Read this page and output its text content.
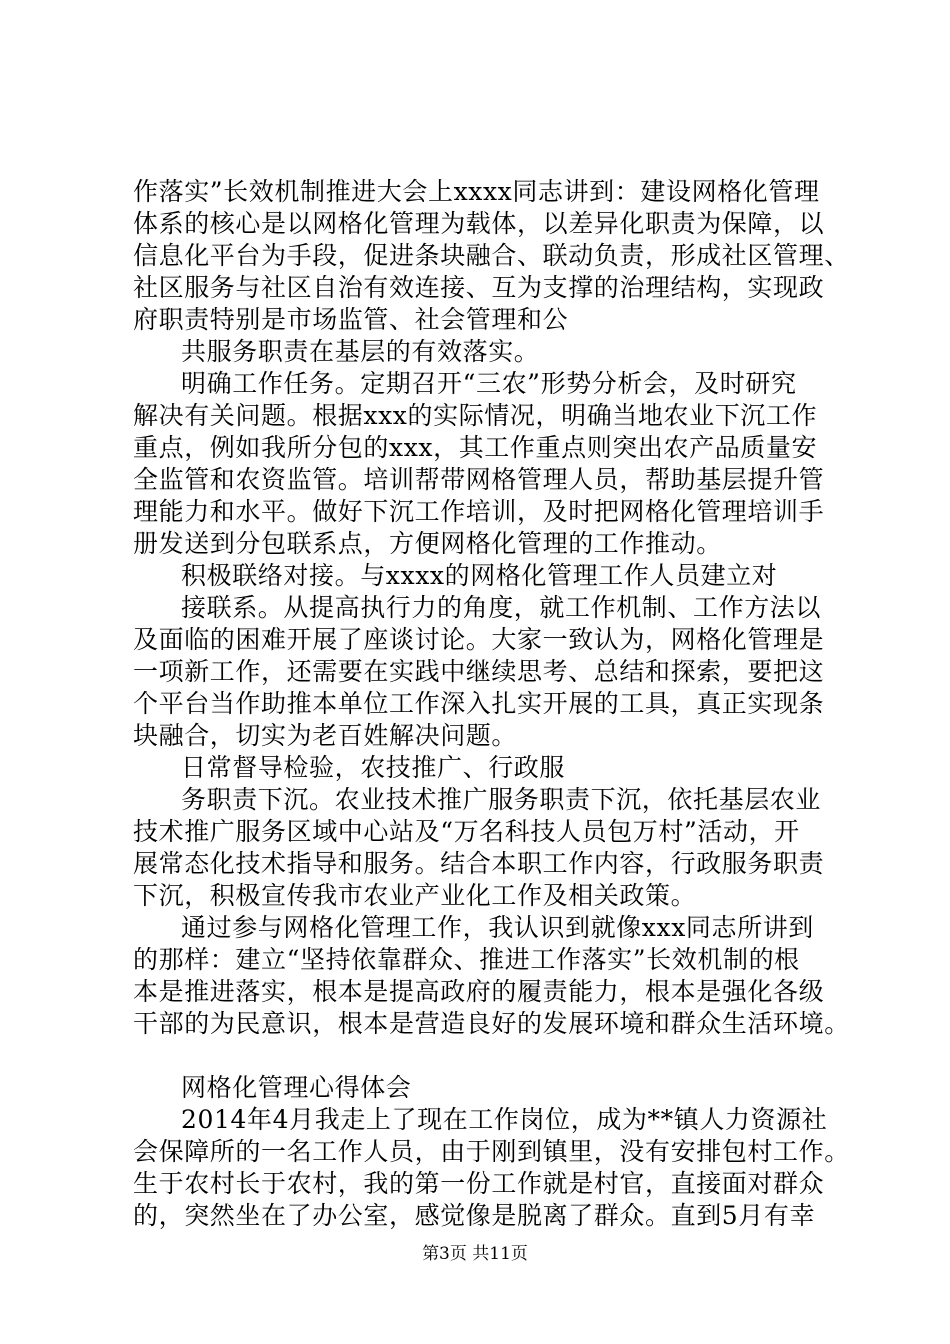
作落实”长效机制推进大会上xxxx同志讲到：建设网格化管理
体系的核心是以网格化管理为载体，以差异化职责为保障，以
信息化平台为手段，促进条块融合、联动负责，形成社区管理、
社区服务与社区自治有效连接、互为支撑的治理结构，实现政
府职责特别是市场监管、社会管理和公
共服务职责在基层的有效落实。
明确工作任务。定期召开“三农”形势分析会，及时研究
解决有关问题。根据xxx的实际情况，明确当地农业下沉工作
重点，例如我所分包的xxx，其工作重点则突出农产品质量安
全监管和农资监管。培训帮带网格管理人员，帮助基层提升管
理能力和水平。做好下沉工作培训，及时把网格化管理培训手
册发送到分包联系点，方便网格化管理的工作推动。
积极联络对接。与xxxx的网格化管理工作人员建立对
接联系。从提高执行力的角度，就工作机制、工作方法以
及面临的困难开展了座谈讨论。大家一致认为，网格化管理是
一项新工作，还需要在实践中继续思考、总结和探索，要把这
个平台当作助推本单位工作深入扎实开展的工具，真正实现条
块融合，切实为老百姓解决问题。
日常督导检验，农技推广、行政服
务职责下沉。农业技术推广服务职责下沉，依托基层农业
技术推广服务区域中心站及“万名科技人员包万村”活动，开
展常态化技术指导和服务。结合本职工作内容，行政服务职责
下沉，积极宣传我市农业产业化工作及相关政策。
通过参与网格化管理工作，我认识到就像xxx同志所讲到
的那样：建立“坚持依靠群众、推进工作落实”长效机制的根
本是推进落实，根本是提高政府的履责能力，根本是强化各级
干部的为民意识，根本是营造良好的发展环境和群众生活环境。
网格化管理心得体会
2014年4月我走上了现在工作岗位，成为**镇人力资源社
会保障所的一名工作人员，由于刚到镇里，没有安排包村工作。
生于农村长于农村，我的第一份工作就是村官，直接面对群众
的，突然坐在了办公室，感觉像是脱离了群众。直到5月有幸
第3页 共11页
